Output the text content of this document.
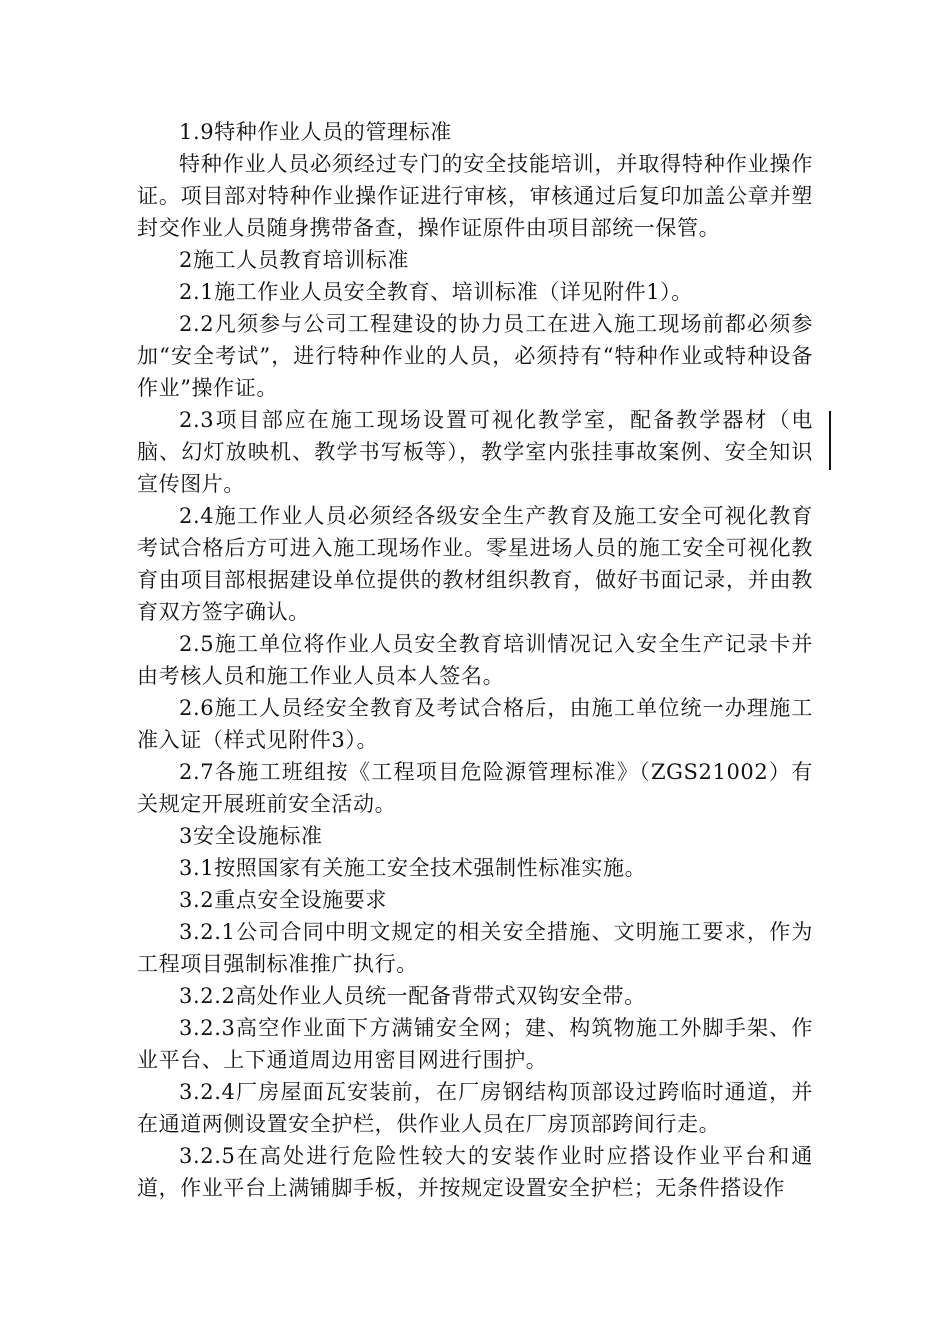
1.9特种作业人员的管理标准

特种作业人员必须经过专门的安全技能培训，并取得特种作业操作证。项目部对特种作业操作证进行审核，审核通过后复印加盖公章并塑封交作业人员随身携带备查，操作证原件由项目部统一保管。

2施工人员教育培训标准

2.1施工作业人员安全教育、培训标准（详见附件1）。

2.2凡须参与公司工程建设的协力员工在进入施工现场前都必须参加“安全考试”，进行特种作业的人员，必须持有“特种作业或特种设备作业”操作证。

2.3项目部应在施工现场设置可视化教学室，配备教学器材（电脑、幻灯放映机、教学书写板等），教学室内张挂事故案例、安全知识宣传图片。

2.4施工作业人员必须经各级安全生产教育及施工安全可视化教育考试合格后方可进入施工现场作业。零星进场人员的施工安全可视化教育由项目部根据建设单位提供的教材组织教育，做好书面记录，并由教育双方签字确认。

2.5施工单位将作业人员安全教育培训情况记入安全生产记录卡并由考核人员和施工作业人员本人签名。

2.6施工人员经安全教育及考试合格后，由施工单位统一办理施工准入证（样式见附件3）。

2.7各施工班组按《工程项目危险源管理标准》（ZGS21002）有关规定开展班前安全活动。

3安全设施标准

3.1按照国家有关施工安全技术强制性标准实施。

3.2重点安全设施要求

3.2.1公司合同中明文规定的相关安全措施、文明施工要求，作为工程项目强制标准推广执行。

3.2.2高处作业人员统一配备背带式双钩安全带。

3.2.3高空作业面下方满铺安全网；建、构筑物施工外脚手架、作业平台、上下通道周边用密目网进行围护。

3.2.4厂房屋面瓦安装前，在厂房钢结构顶部设过跨临时通道，并在通道两侧设置安全护栏，供作业人员在厂房顶部跨间行走。

3.2.5在高处进行危险性较大的安装作业时应搭设作业平台和通道，作业平台上满铺脚手板，并按规定设置安全护栏；无条件搭设作
